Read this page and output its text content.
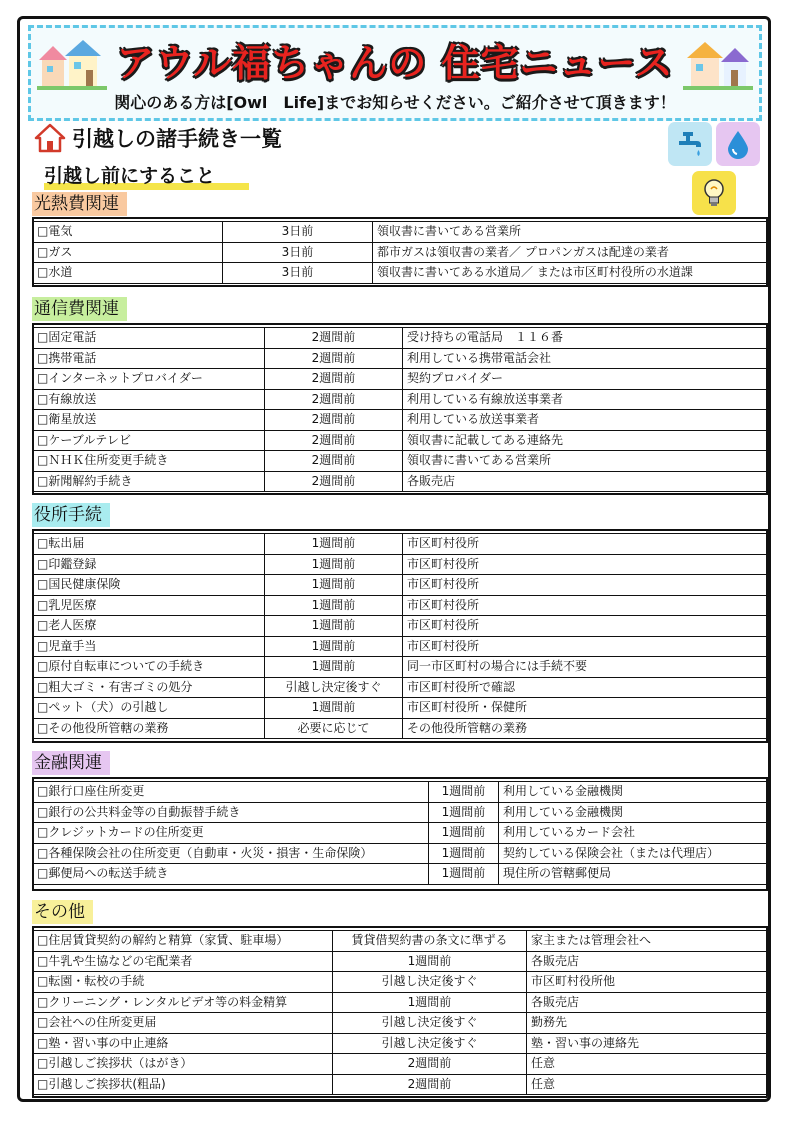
アウル福ちゃんの 住宅ニュース
関心のある方は[Owl　Life]までお知らせください。ご紹介させて頂きます！
引越しの諸手続き一覧
引越し前にすること
光熱費関連
□電気	3日前	領収書に書いてある営業所
□ガス	3日前	都市ガスは領収書の業者／ プロパンガスは配達の業者
□水道	3日前	領収書に書いてある水道局／ または市区町村役所の水道課
通信費関連
□固定電話	2週間前	受け持ちの電話局　１１６番
□携帯電話	2週間前	利用している携帯電話会社
□インターネットプロバイダー	2週間前	契約プロバイダー
□有線放送	2週間前	利用している有線放送事業者
□衛星放送	2週間前	利用している放送事業者
□ケーブルテレビ	2週間前	領収書に記載してある連絡先
□ＮＨＫ住所変更手続き	2週間前	領収書に書いてある営業所
□新聞解約手続き	2週間前	各販売店
役所手続
□転出届	1週間前	市区町村役所
□印鑑登録	1週間前	市区町村役所
□国民健康保険	1週間前	市区町村役所
□乳児医療	1週間前	市区町村役所
□老人医療	1週間前	市区町村役所
□児童手当	1週間前	市区町村役所
□原付自転車についての手続き	1週間前	同一市区町村の場合には手続不要
□粗大ゴミ・有害ゴミの処分	引越し決定後すぐ	市区町村役所で確認
□ペット（犬）の引越し	1週間前	市区町村役所・保健所
□その他役所管轄の業務	必要に応じて	その他役所管轄の業務
金融関連
□銀行口座住所変更	1週間前	利用している金融機関
□銀行の公共料金等の自動振替手続き	1週間前	利用している金融機関
□クレジットカードの住所変更	1週間前	利用しているカード会社
□各種保険会社の住所変更（自動車・火災・損害・生命保険）	1週間前	契約している保険会社（または代理店）
□郵便局への転送手続き	1週間前	現住所の管轄郵便局
その他
□住居賃貸契約の解約と精算（家賃、駐車場）	賃貸借契約書の条文に準ずる	家主または管理会社へ
□牛乳や生協などの宅配業者	1週間前	各販売店
□転園・転校の手続	引越し決定後すぐ	市区町村役所他
□クリーニング・レンタルビデオ等の料金精算	1週間前	各販売店
□会社への住所変更届	引越し決定後すぐ	勤務先
□塾・習い事の中止連絡	引越し決定後すぐ	塾・習い事の連絡先
□引越しご挨拶状（はがき）	2週間前	任意
□引越しご挨拶状(粗品)	2週間前	任意
